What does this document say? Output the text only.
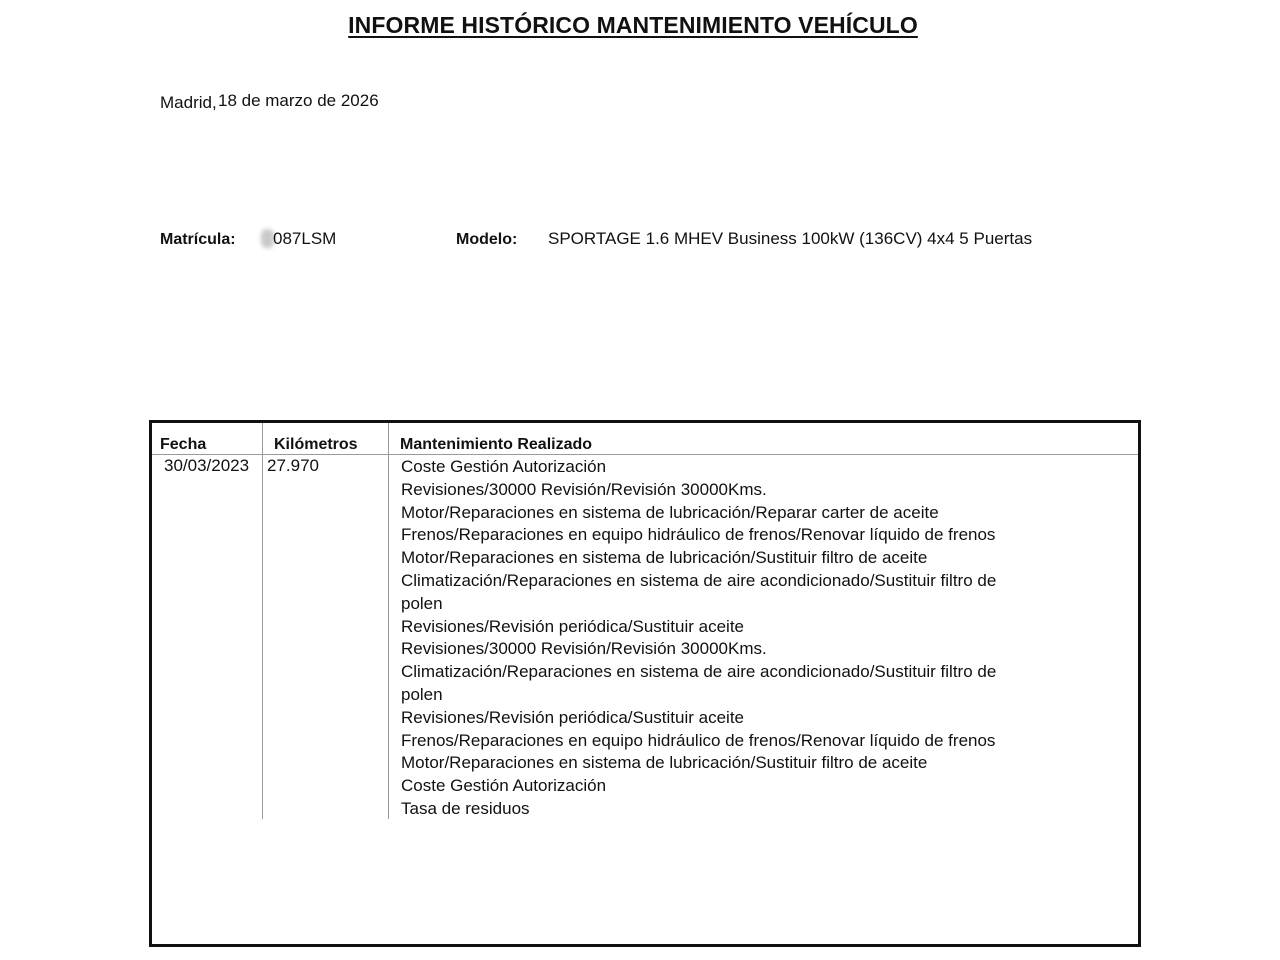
INFORME HISTÓRICO MANTENIMIENTO VEHÍCULO
Madrid, 18 de marzo de 2026
Matrícula: 087LSM	Modelo: SPORTAGE 1.6 MHEV Business 100kW (136CV) 4x4 5 Puertas
Fecha	Kilómetros	Mantenimiento Realizado
30/03/2023 27.970	Coste Gestión Autorización
Revisiones/30000 Revisión/Revisión 30000Kms.
Motor/Reparaciones en sistema de lubricación/Reparar carter de aceite
Frenos/Reparaciones en equipo hidráulico de frenos/Renovar líquido de frenos
Motor/Reparaciones en sistema de lubricación/Sustituir filtro de aceite
Climatización/Reparaciones en sistema de aire acondicionado/Sustituir filtro de polen
Revisiones/Revisión periódica/Sustituir aceite
Revisiones/30000 Revisión/Revisión 30000Kms.
Climatización/Reparaciones en sistema de aire acondicionado/Sustituir filtro de polen
Revisiones/Revisión periódica/Sustituir aceite
Frenos/Reparaciones en equipo hidráulico de frenos/Renovar líquido de frenos
Motor/Reparaciones en sistema de lubricación/Sustituir filtro de aceite
Coste Gestión Autorización
Tasa de residuos
